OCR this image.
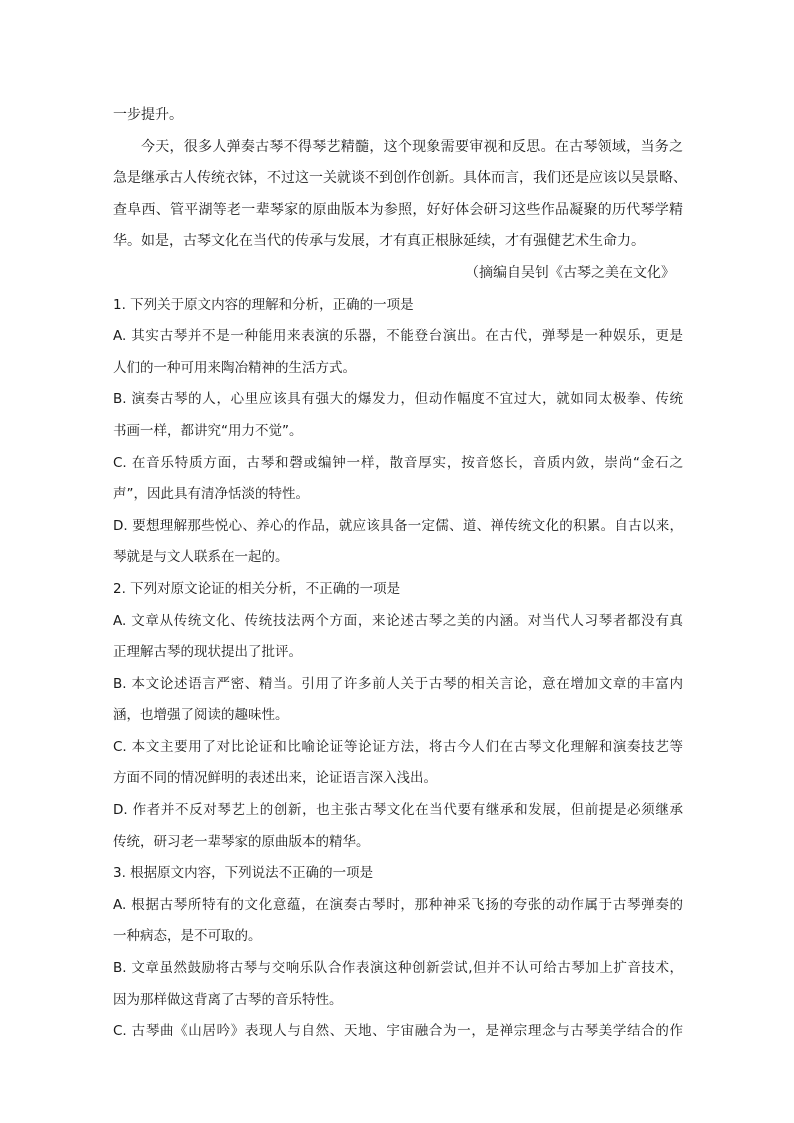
一步提升。
今天，很多人弹奏古琴不得琴艺精髓，这个现象需要审视和反思。在古琴领域，当务之
急是继承古人传统衣钵，不过这一关就谈不到创作创新。具体而言，我们还是应该以吴景略、
查阜西、管平湖等老一辈琴家的原曲版本为参照，好好体会研习这些作品凝聚的历代琴学精
华。如是，古琴文化在当代的传承与发展，才有真正根脉延续，才有强健艺术生命力。
（摘编自吴钊《古琴之美在文化》
1. 下列关于原文内容的理解和分析，正确的一项是
A. 其实古琴并不是一种能用来表演的乐器，不能登台演出。在古代，弹琴是一种娱乐，更是
人们的一种可用来陶冶精神的生活方式。
B. 演奏古琴的人，心里应该具有强大的爆发力，但动作幅度不宜过大，就如同太极拳、传统
书画一样，都讲究“用力不觉”。
C. 在音乐特质方面，古琴和磬或编钟一样，散音厚实，按音悠长，音质内敛，崇尚“金石之
声”，因此具有清净恬淡的特性。
D. 要想理解那些悦心、养心的作品，就应该具备一定儒、道、禅传统文化的积累。自古以来，
琴就是与文人联系在一起的。
2. 下列对原文论证的相关分析，不正确的一项是
A. 文章从传统文化、传统技法两个方面，来论述古琴之美的内涵。对当代人习琴者都没有真
正理解古琴的现状提出了批评。
B. 本文论述语言严密、精当。引用了许多前人关于古琴的相关言论，意在增加文章的丰富内
涵，也增强了阅读的趣味性。
C. 本文主要用了对比论证和比喻论证等论证方法，将古今人们在古琴文化理解和演奏技艺等
方面不同的情况鲜明的表述出来，论证语言深入浅出。
D. 作者并不反对琴艺上的创新，也主张古琴文化在当代要有继承和发展，但前提是必须继承
传统，研习老一辈琴家的原曲版本的精华。
3. 根据原文内容，下列说法不正确的一项是
A. 根据古琴所特有的文化意蕴，在演奏古琴时，那种神采飞扬的夸张的动作属于古琴弹奏的
一种病态，是不可取的。
B. 文章虽然鼓励将古琴与交响乐队合作表演这种创新尝试,但并不认可给古琴加上扩音技术，
因为那样做这背离了古琴的音乐特性。
C. 古琴曲《山居吟》表现人与自然、天地、宇宙融合为一，是禅宗理念与古琴美学结合的作
